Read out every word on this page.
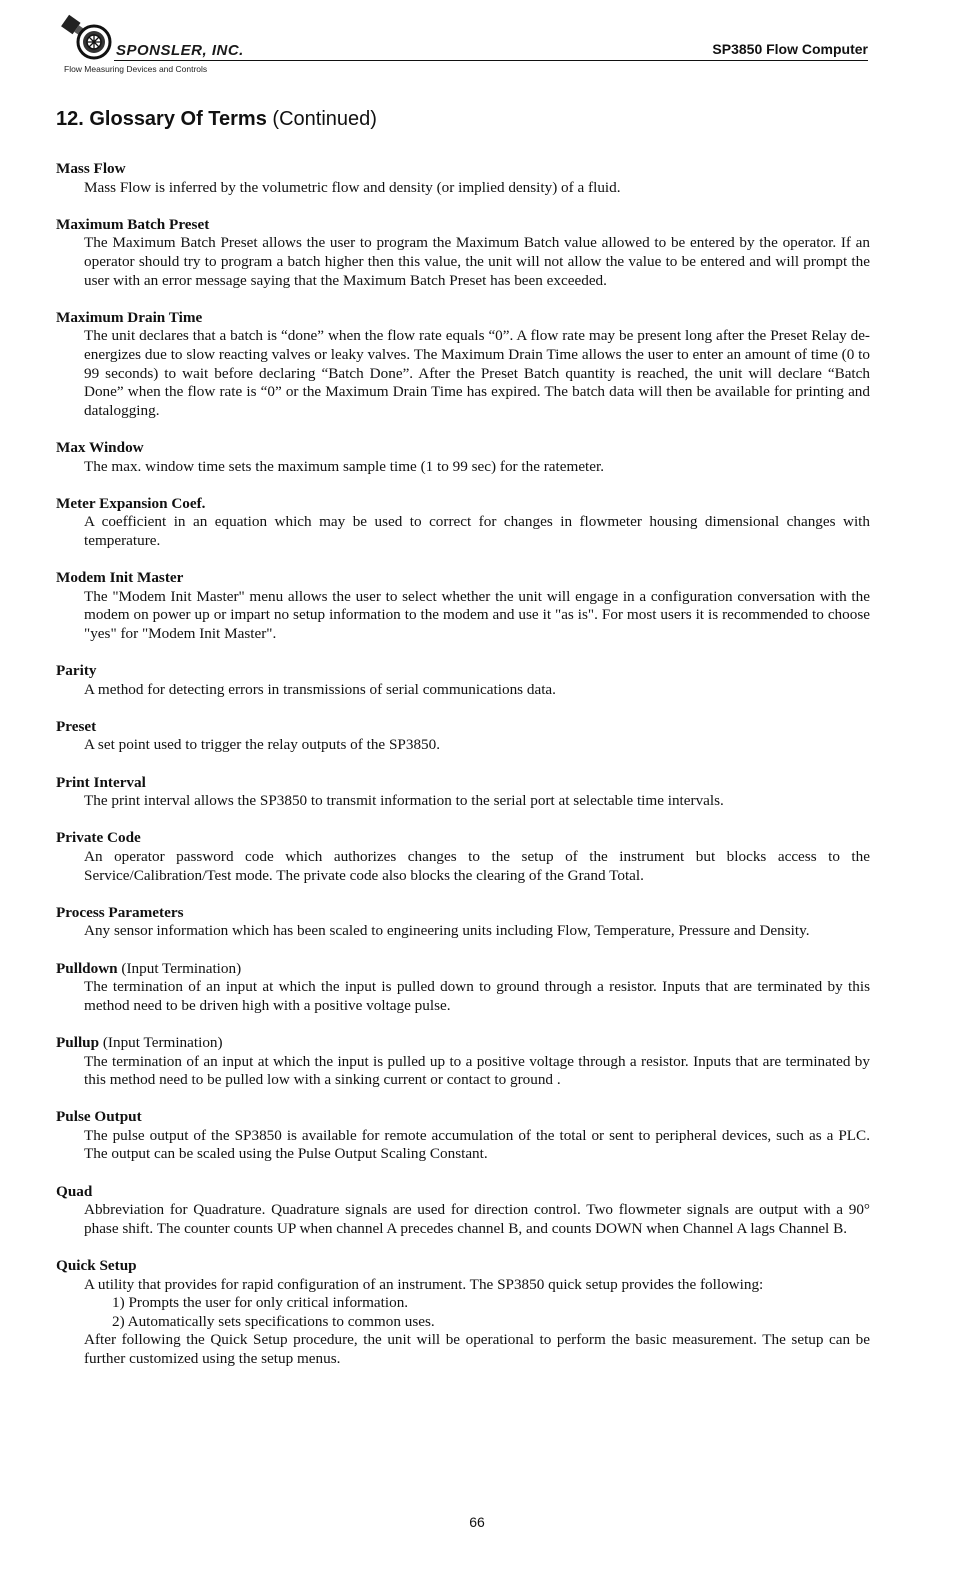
SPONSLER, INC.
Flow Measuring Devices and Controls
SP3850 Flow Computer
12. Glossary Of Terms (Continued)
Mass Flow

Mass Flow is inferred by the volumetric flow and density (or implied density) of a fluid.

Maximum Batch Preset

The Maximum Batch Preset allows the user to program the Maximum Batch value allowed to be entered by the operator. If an operator should try to program a batch higher then this value, the unit will not allow the value to be entered and will prompt the user with an error message saying that the Maximum Batch Preset has been exceeded.

Maximum Drain Time

The unit declares that a batch is “done” when the flow rate equals “0”. A flow rate may be present long after the Preset Relay de-energizes due to slow reacting valves or leaky valves. The Maximum Drain Time allows the user to enter an amount of time (0 to 99 seconds) to wait before declaring “Batch Done”. After the Preset Batch quantity is reached, the unit will declare “Batch Done” when the flow rate is “0” or the Maximum Drain Time has expired. The batch data will then be available for printing and datalogging.

Max Window

The max. window time sets the maximum sample time (1 to 99 sec) for the ratemeter.

Meter Expansion Coef.

A coefficient in an equation which may be used to correct for changes in flowmeter housing dimensional changes with temperature.

Modem Init Master

The "Modem Init Master" menu allows the user to select whether the unit will engage in a configuration conversation with the modem on power up or impart no setup information to the modem and use it "as is". For most users it is recommended to choose "yes" for "Modem Init Master".

Parity

A method for detecting errors in transmissions of serial communications data.

Preset

A set point used to trigger the relay outputs of the SP3850.

Print Interval

The print interval allows the SP3850 to transmit information to the serial port at selectable time intervals.

Private Code

An operator password code which authorizes changes to the setup of the instrument but blocks access to the Service/Calibration/Test mode. The private code also blocks the clearing of the Grand Total.

Process Parameters

Any sensor information which has been scaled to engineering units including Flow, Temperature, Pressure and Density.

Pulldown (Input Termination)

The termination of an input at which the input is pulled down to ground through a resistor. Inputs that are terminated by this method need to be driven high with a positive voltage pulse.

Pullup (Input Termination)

The termination of an input at which the input is pulled up to a positive voltage through a resistor. Inputs that are terminated by this method need to be pulled low with a sinking current or contact to ground .

Pulse Output

The pulse output of the SP3850 is available for remote accumulation of the total or sent to peripheral devices, such as a PLC. The output can be scaled using the Pulse Output Scaling Constant.

Quad

Abbreviation for Quadrature. Quadrature signals are used for direction control. Two flowmeter signals are output with a 90° phase shift. The counter counts UP when channel A precedes channel B, and counts DOWN when Channel A lags Channel B.

Quick Setup

A utility that provides for rapid configuration of an instrument. The SP3850 quick setup provides the following:

1) Prompts the user for only critical information.

2) Automatically sets specifications to common uses.

After following the Quick Setup procedure, the unit will be operational to perform the basic measurement. The setup can be further customized using the setup menus.

66
